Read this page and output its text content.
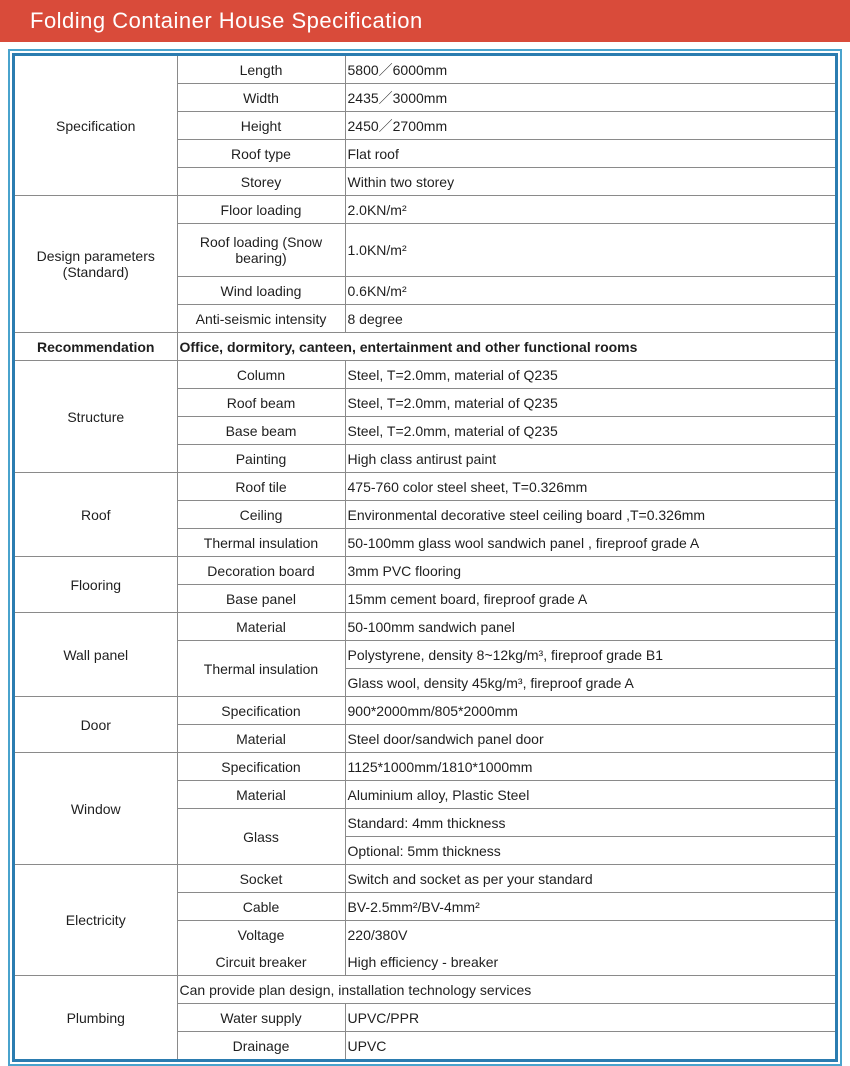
Folding Container House Specification
Specification	Length	5800／6000mm
	Width	2435／3000mm
	Height	2450／2700mm
	Roof type	Flat roof
	Storey	Within two storey
Design parameters (Standard)	Floor loading	2.0KN/m²
	Roof loading (Snow bearing)	1.0KN/m²
	Wind loading	0.6KN/m²
	Anti-seismic intensity	8 degree
Recommendation	Office, dormitory, canteen, entertainment and other functional rooms	
Structure	Column	Steel, T=2.0mm, material of Q235
	Roof beam	Steel, T=2.0mm, material of Q235
	Base beam	Steel, T=2.0mm, material of Q235
	Painting	High class antirust paint
Roof	Roof tile	475-760 color steel sheet, T=0.326mm
	Ceiling	Environmental decorative steel ceiling board ,T=0.326mm
	Thermal insulation	50-100mm glass wool sandwich panel , fireproof grade A
Flooring	Decoration board	3mm PVC flooring
	Base panel	15mm cement board, fireproof grade A
Wall panel	Material	50-100mm sandwich panel
	Thermal insulation	Polystyrene, density 8~12kg/m³, fireproof grade B1
		Glass wool, density 45kg/m³, fireproof grade A
Door	Specification	900*2000mm/805*2000mm
	Material	Steel door/sandwich panel door
Window	Specification	1125*1000mm/1810*1000mm
	Material	Aluminium alloy, Plastic Steel
	Glass	Standard: 4mm thickness
		Optional: 5mm thickness
Electricity	Socket	Switch and socket as per your standard
	Cable	BV-2.5mm²/BV-4mm²
	Voltage	220/380V
	Circuit breaker	High efficiency - breaker
Plumbing	Can provide plan design, installation technology services	
	Water supply	UPVC/PPR
	Drainage	UPVC
